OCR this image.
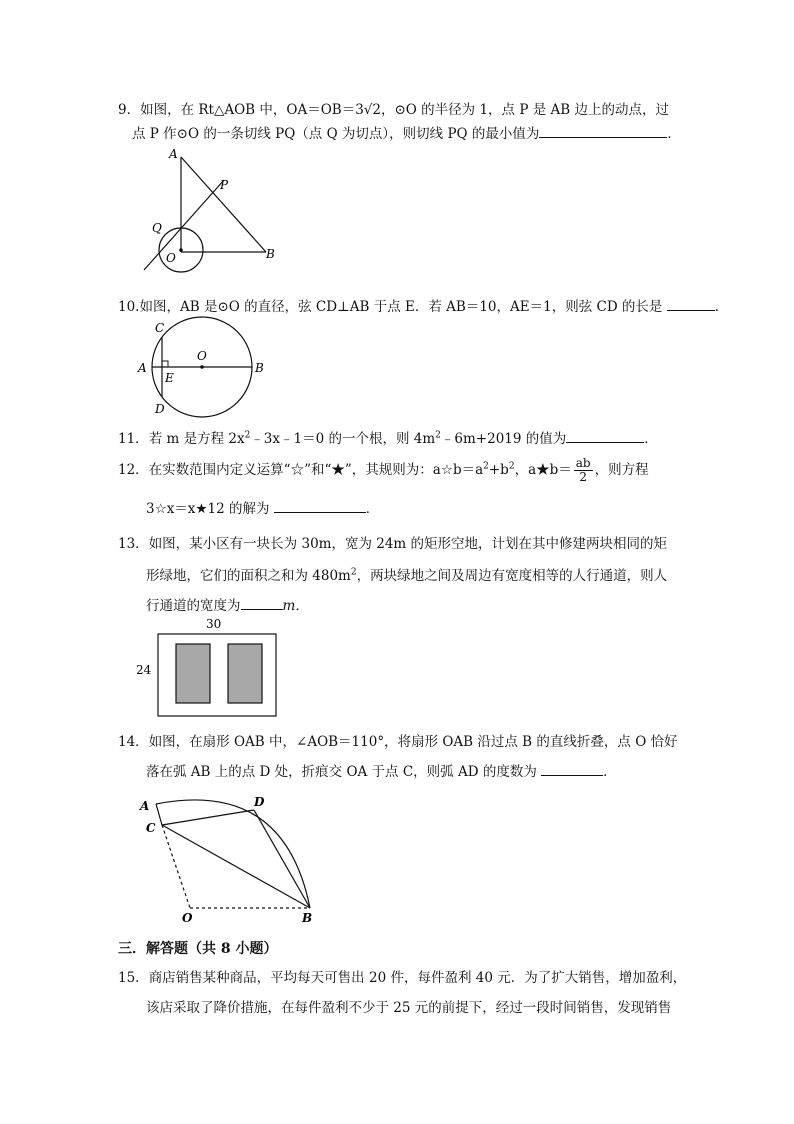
9．如图，在 Rt△AOB 中，OA＝OB＝3√2，⊙O 的半径为 1，点 P 是 AB 边上的动点，过
点 P 作⊙O 的一条切线 PQ（点 Q 为切点），则切线 PQ 的最小值为	．
A
P
Q
O	B
10.如图，AB 是⊙O 的直径，弦 CD⊥AB 于点 E．若 AB＝10，AE＝1，则弦 CD 的长是	．
C
O
A
E
B
D
11．若 m 是方程 $2x^2﹣3x﹣1=0$ 的一个根，则 $4m^2﹣6m+2019$ 的值为	．
12．在实数范围内定义运算“☆”和“★”，其规则为：$a☆b=a^2+b^2$，a★b＝ $\frac{ab}{2}$ ，则方程
3☆x＝x★12 的解为	．
13．如图，某小区有一块长为 30m，宽为 24m 的矩形空地，计划在其中修建两块相同的矩
形绿地，它们的面积之和为 $480m^2$，两块绿地之间及周边有宽度相等的人行通道，则人
行通道的宽度为	m．
30
24
14．如图，在扇形 OAB 中，∠AOB＝110°，将扇形 OAB 沿过点 B 的直线折叠，点 O 恰好
落在弧 AB 上的点 D 处，折痕交 OA 于点 C，则弧 AD 的度数为	．
A	D
C
O	B
三．解答题（共 8 小题）
15．商店销售某种商品，平均每天可售出 20 件，每件盈利 40 元．为了扩大销售，增加盈利，
该店采取了降价措施，在每件盈利不少于 25 元的前提下，经过一段时间销售，发现销售
